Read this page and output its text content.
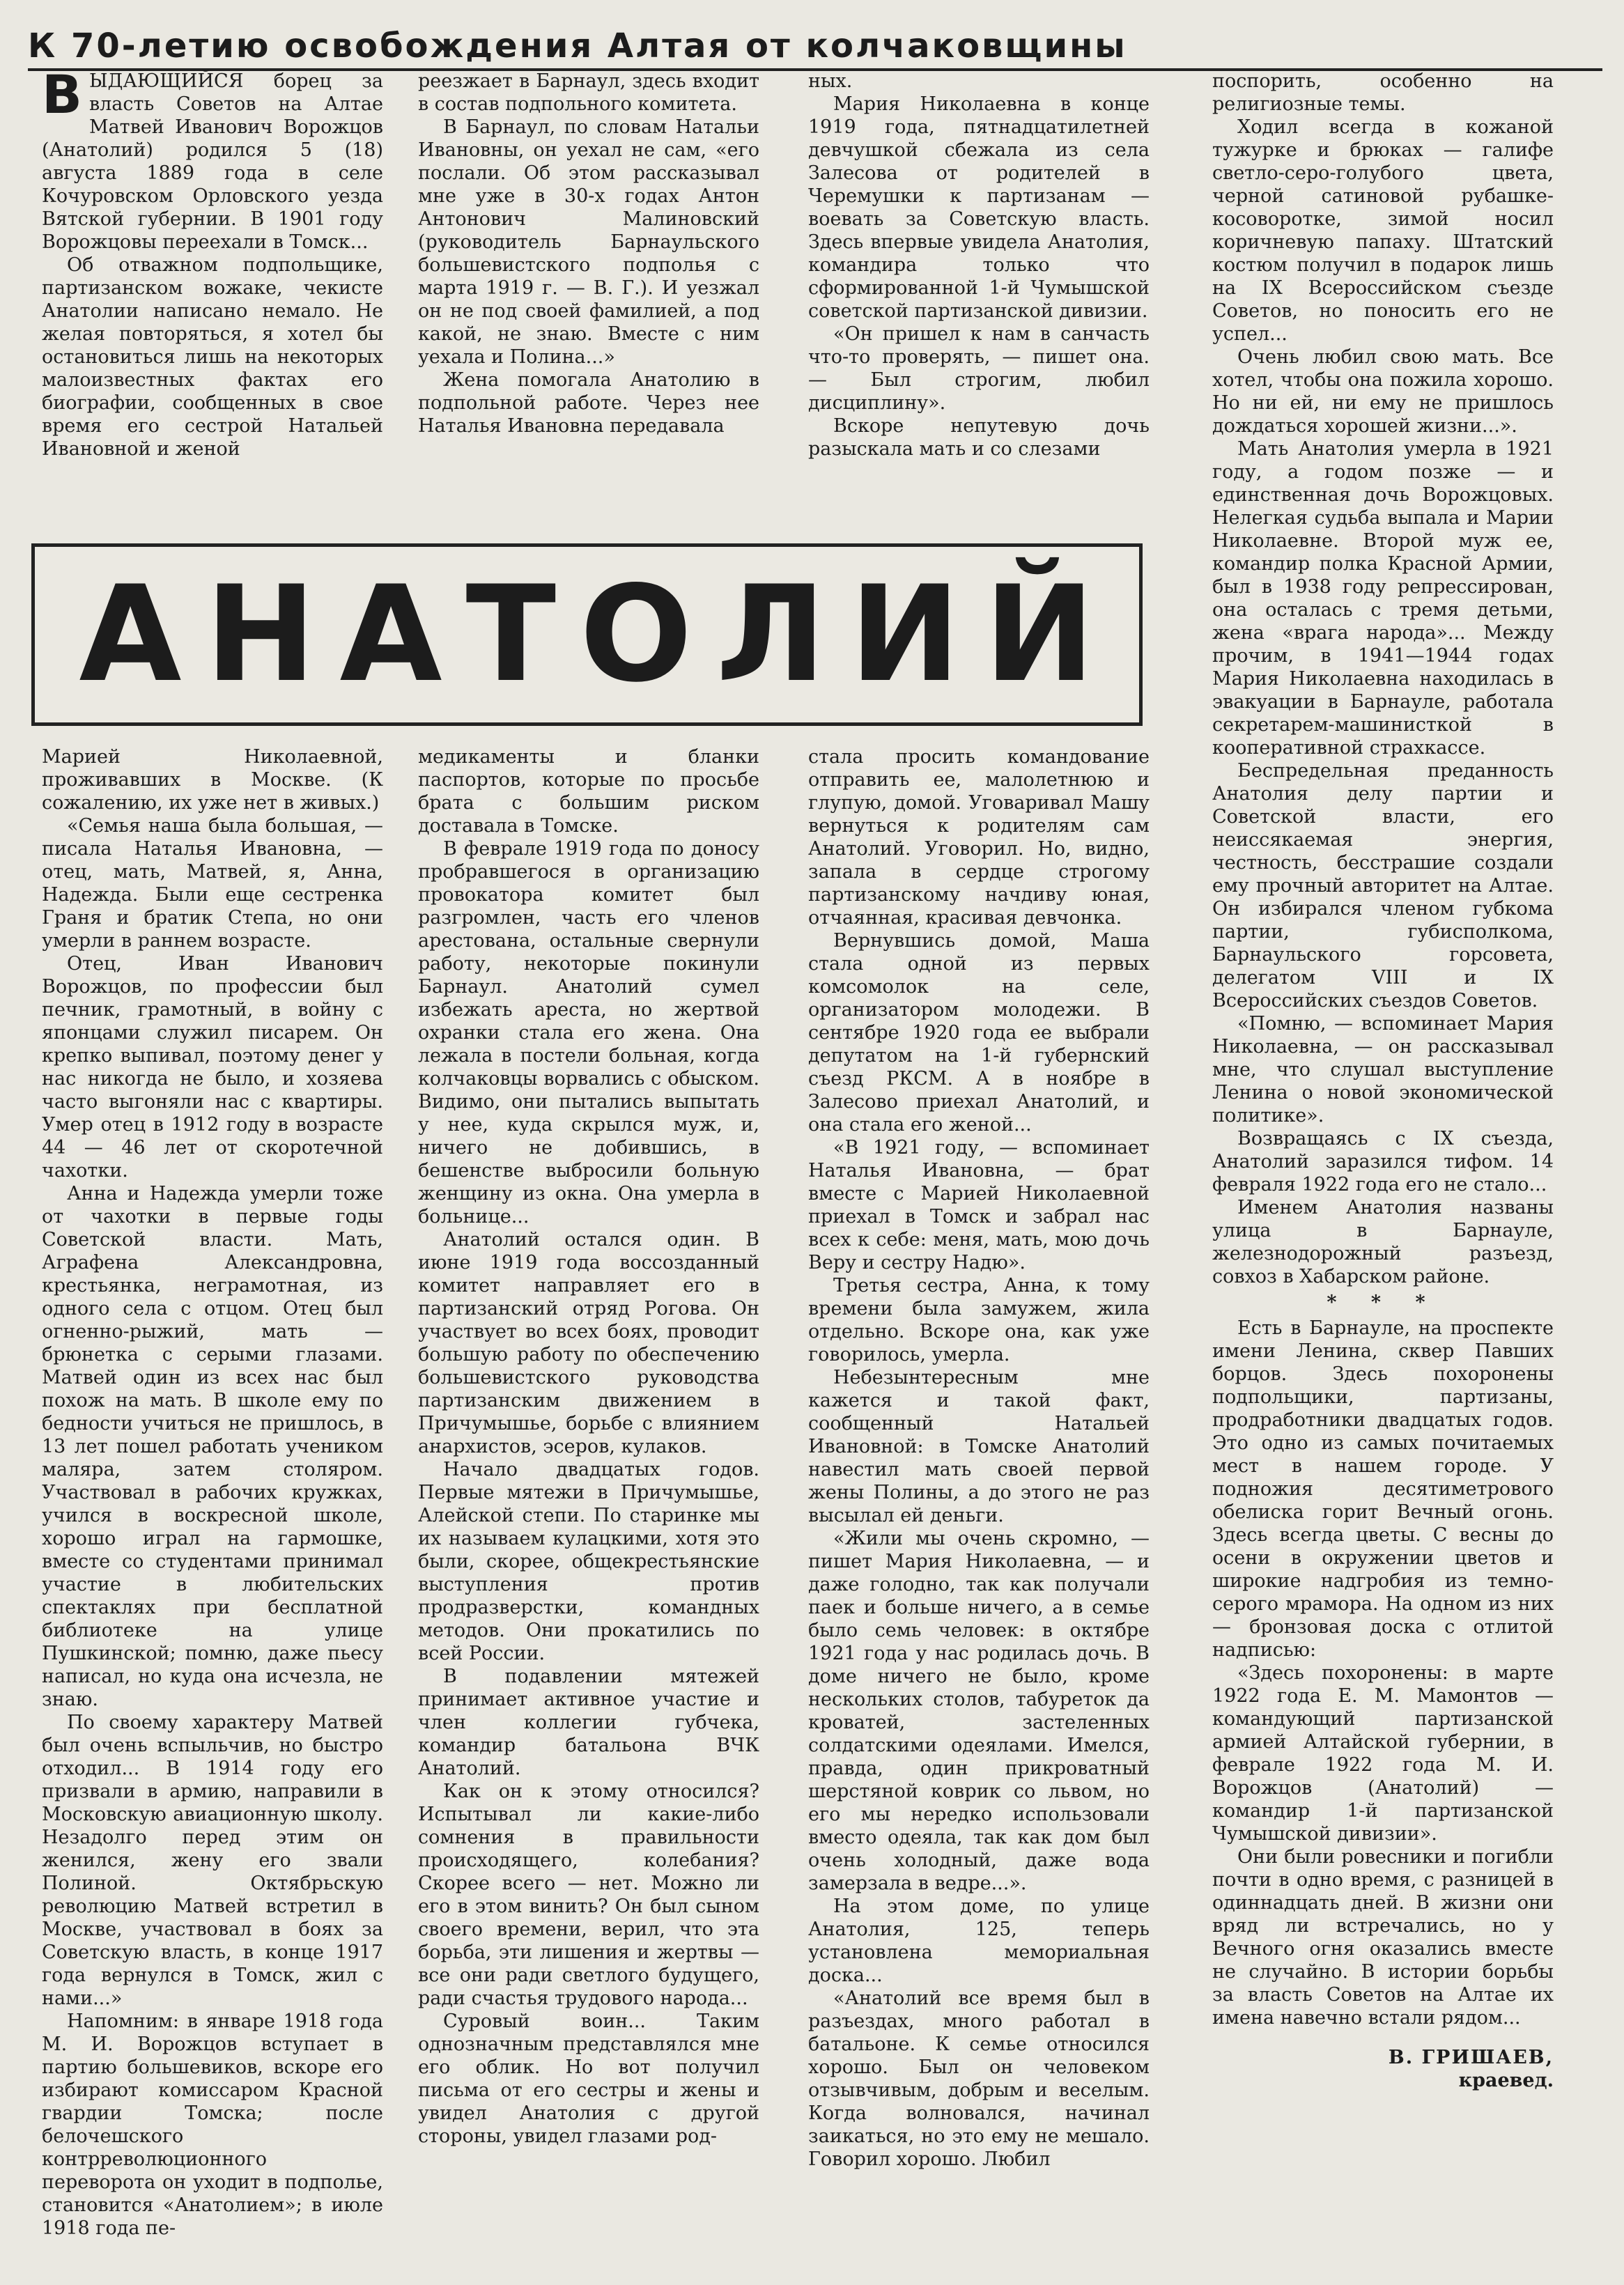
К 70-летию освобождения Алтая от колчаковщины

ВЫДАЮЩИЙСЯ борец за власть Советов на Алтае Матвей Иванович Ворожцов (Анатолий) родился 5 (18) августа 1889 года в селе Кочуровском Орловского уезда Вятской губернии. В 1901 году Ворожцовы переехали в Томск...

Об отважном подпольщике, партизанском вожаке, чекисте Анатолии написано немало. Не желая повторяться, я хотел бы остановиться лишь на некоторых малоизвестных фактах его биографии, сообщенных в свое время его сестрой Натальей Ивановной и женой

реезжает в Барнаул, здесь входит в состав подпольного комитета.

В Барнаул, по словам Натальи Ивановны, он уехал не сам, «его послали. Об этом рассказывал мне уже в 30-х годах Антон Антонович Малиновский (руководитель Барнаульского большевистского подполья с марта 1919 г. — В. Г.). И уезжал он не под своей фамилией, а под какой, не знаю. Вместе с ним уехала и Полина...»

Жена помогала Анатолию в подпольной работе. Через нее Наталья Ивановна передавала

ных.

Мария Николаевна в конце 1919 года, пятнадцатилетней девчушкой сбежала из села Залесова от родителей в Черемушки к партизанам — воевать за Советскую власть. Здесь впервые увидела Анатолия, командира только что сформированной 1-й Чумышской советской партизанской дивизии.

«Он пришел к нам в санчасть что-то проверять, — пишет она. — Был строгим, любил дисциплину».

Вскоре непутевую дочь разыскала мать и со слезами

АНАТОЛИЙ

Марией Николаевной, проживавших в Москве. (К сожалению, их уже нет в живых.)

«Семья наша была большая, — писала Наталья Ивановна, — отец, мать, Матвей, я, Анна, Надежда. Были еще сестренка Граня и братик Степа, но они умерли в раннем возрасте.

Отец, Иван Иванович Ворожцов, по профессии был печник, грамотный, в войну с японцами служил писарем. Он крепко выпивал, поэтому денег у нас никогда не было, и хозяева часто выгоняли нас с квартиры. Умер отец в 1912 году в возрасте 44 — 46 лет от скоротечной чахотки.

Анна и Надежда умерли тоже от чахотки в первые годы Советской власти. Мать, Аграфена Александровна, крестьянка, неграмотная, из одного села с отцом. Отец был огненно-рыжий, мать — брюнетка с серыми глазами. Матвей один из всех нас был похож на мать. В школе ему по бедности учиться не пришлось, в 13 лет пошел работать учеником маляра, затем столяром. Участвовал в рабочих кружках, учился в воскресной школе, хорошо играл на гармошке, вместе со студентами принимал участие в любительских спектаклях при бесплатной библиотеке на улице Пушкинской; помню, даже пьесу написал, но куда она исчезла, не знаю.

По своему характеру Матвей был очень вспыльчив, но быстро отходил... В 1914 году его призвали в армию, направили в Московскую авиационную школу. Незадолго перед этим он женился, жену его звали Полиной. Октябрьскую революцию Матвей встретил в Москве, участвовал в боях за Советскую власть, в конце 1917 года вернулся в Томск, жил с нами...»

Напомним: в январе 1918 года М. И. Ворожцов вступает в партию большевиков, вскоре его избирают комиссаром Красной гвардии Томска; после белочешского контрреволюционного переворота он уходит в подполье, становится «Анатолием»; в июле 1918 года пе-

медикаменты и бланки паспортов, которые по просьбе брата с большим риском доставала в Томске.

В феврале 1919 года по доносу пробравшегося в организацию провокатора комитет был разгромлен, часть его членов арестована, остальные свернули работу, некоторые покинули Барнаул. Анатолий сумел избежать ареста, но жертвой охранки стала его жена. Она лежала в постели больная, когда колчаковцы ворвались с обыском. Видимо, они пытались выпытать у нее, куда скрылся муж, и, ничего не добившись, в бешенстве выбросили больную женщину из окна. Она умерла в больнице...

Анатолий остался один. В июне 1919 года воссозданный комитет направляет его в партизанский отряд Рогова. Он участвует во всех боях, проводит большую работу по обеспечению большевистского руководства партизанским движением в Причумышье, борьбе с влиянием анархистов, эсеров, кулаков.

Начало двадцатых годов. Первые мятежи в Причумышье, Алейской степи. По старинке мы их называем кулацкими, хотя это были, скорее, общекрестьянские выступления против продразверстки, командных методов. Они прокатились по всей России.

В подавлении мятежей принимает активное участие и член коллегии губчека, командир батальона ВЧК Анатолий.

Как он к этому относился? Испытывал ли какие-либо сомнения в правильности происходящего, колебания? Скорее всего — нет. Можно ли его в этом винить? Он был сыном своего времени, верил, что эта борьба, эти лишения и жертвы — все они ради светлого будущего, ради счастья трудового народа...

Суровый воин... Таким однозначным представлялся мне его облик. Но вот получил письма от его сестры и жены и увидел Анатолия с другой стороны, увидел глазами род-

стала просить командование отправить ее, малолетнюю и глупую, домой. Уговаривал Машу вернуться к родителям сам Анатолий. Уговорил. Но, видно, запала в сердце строгому партизанскому начдиву юная, отчаянная, красивая девчонка.

Вернувшись домой, Маша стала одной из первых комсомолок на селе, организатором молодежи. В сентябре 1920 года ее выбрали депутатом на 1-й губернский съезд РКСМ. А в ноябре в Залесово приехал Анатолий, и она стала его женой...

«В 1921 году, — вспоминает Наталья Ивановна, — брат вместе с Марией Николаевной приехал в Томск и забрал нас всех к себе: меня, мать, мою дочь Веру и сестру Надю».

Третья сестра, Анна, к тому времени была замужем, жила отдельно. Вскоре она, как уже говорилось, умерла.

Небезынтересным мне кажется и такой факт, сообщенный Натальей Ивановной: в Томске Анатолий навестил мать своей первой жены Полины, а до этого не раз высылал ей деньги.

«Жили мы очень скромно, — пишет Мария Николаевна, — и даже голодно, так как получали паек и больше ничего, а в семье было семь человек: в октябре 1921 года у нас родилась дочь. В доме ничего не было, кроме нескольких столов, табуреток да кроватей, застеленных солдатскими одеялами. Имелся, правда, один прикроватный шерстяной коврик со львом, но его мы нередко использовали вместо одеяла, так как дом был очень холодный, даже вода замерзала в ведре...».

На этом доме, по улице Анатолия, 125, теперь установлена мемориальная доска...

«Анатолий все время был в разъездах, много работал в батальоне. К семье относился хорошо. Был он человеком отзывчивым, добрым и веселым. Когда волновался, начинал заикаться, но это ему не мешало. Говорил хорошо. Любил

поспорить, особенно на религиозные темы.

Ходил всегда в кожаной тужурке и брюках — галифе светло-серо-голубого цвета, черной сатиновой рубашке-косоворотке, зимой носил коричневую папаху. Штатский костюм получил в подарок лишь на IX Всероссийском съезде Советов, но поносить его не успел...

Очень любил свою мать. Все хотел, чтобы она пожила хорошо. Но ни ей, ни ему не пришлось дождаться хорошей жизни...».

Мать Анатолия умерла в 1921 году, а годом позже — и единственная дочь Ворожцовых. Нелегкая судьба выпала и Марии Николаевне. Второй муж ее, командир полка Красной Армии, был в 1938 году репрессирован, она осталась с тремя детьми, жена «врага народа»... Между прочим, в 1941—1944 годах Мария Николаевна находилась в эвакуации в Барнауле, работала секретарем-машинисткой в кооперативной страхкассе.

Беспредельная преданность Анатолия делу партии и Советской власти, его неиссякаемая энергия, честность, бесстрашие создали ему прочный авторитет на Алтае. Он избирался членом губкома партии, губисполкома, Барнаульского горсовета, делегатом VIII и IX Всероссийских съездов Советов.

«Помню, — вспоминает Мария Николаевна, — он рассказывал мне, что слушал выступление Ленина о новой экономической политике».

Возвращаясь с IX съезда, Анатолий заразился тифом. 14 февраля 1922 года его не стало...

Именем Анатолия названы улица в Барнауле, железнодорожный разъезд, совхоз в Хабарском районе.

* * *

Есть в Барнауле, на проспекте имени Ленина, сквер Павших борцов. Здесь похоронены подпольщики, партизаны, продработники двадцатых годов. Это одно из самых почитаемых мест в нашем городе. У подножия десятиметрового обелиска горит Вечный огонь. Здесь всегда цветы. С весны до осени в окружении цветов и широкие надгробия из темно-серого мрамора. На одном из них — бронзовая доска с отлитой надписью:

«Здесь похоронены: в марте 1922 года Е. М. Мамонтов — командующий партизанской армией Алтайской губернии, в феврале 1922 года М. И. Ворожцов (Анатолий) — командир 1-й партизанской Чумышской дивизии».

Они были ровесники и погибли почти в одно время, с разницей в одиннадцать дней. В жизни они вряд ли встречались, но у Вечного огня оказались вместе не случайно. В истории борьбы за власть Советов на Алтае их имена навечно встали рядом...

В. ГРИШАЕВ,

краевед.
